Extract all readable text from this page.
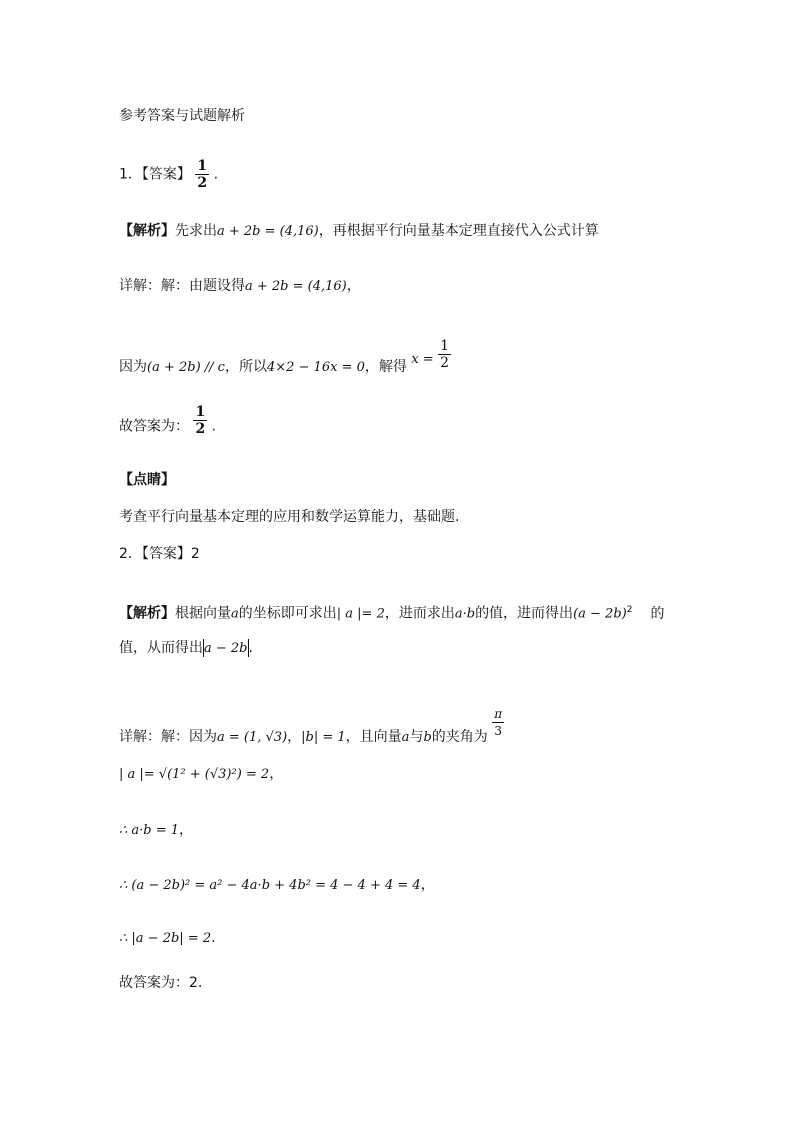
参考答案与试题解析
1．【答案】 $\frac{1}{2}$ .
【解析】先求出a + 2b = (4,16)，再根据平行向量基本定理直接代入公式计算
详解：解：由题设得a + 2b = (4,16)，
因为(a + 2b) // c，所以4×2 − 16x = 0，解得 $x = \frac{1}{2}$
故答案为： $\frac{1}{2}$ .
【点睛】
考查平行向量基本定理的应用和数学运算能力，基础题.
2．【答案】2
【解析】根据向量a的坐标即可求出| a |= 2，进而求出a·b的值，进而得出$(a - 2b)^2$ 的
值，从而得出a − 2b.
详解：解：因为a = (1, √3)，|b| = 1，且向量a与b的夹角为 $\frac{\pi}{3}$
| a |= √(1² + (√3)²) = 2，
∴ a·b = 1，
∴ (a − 2b)² = a² − 4a·b + 4b² = 4 − 4 + 4 = 4，
∴ |a − 2b| = 2.
故答案为：2.
